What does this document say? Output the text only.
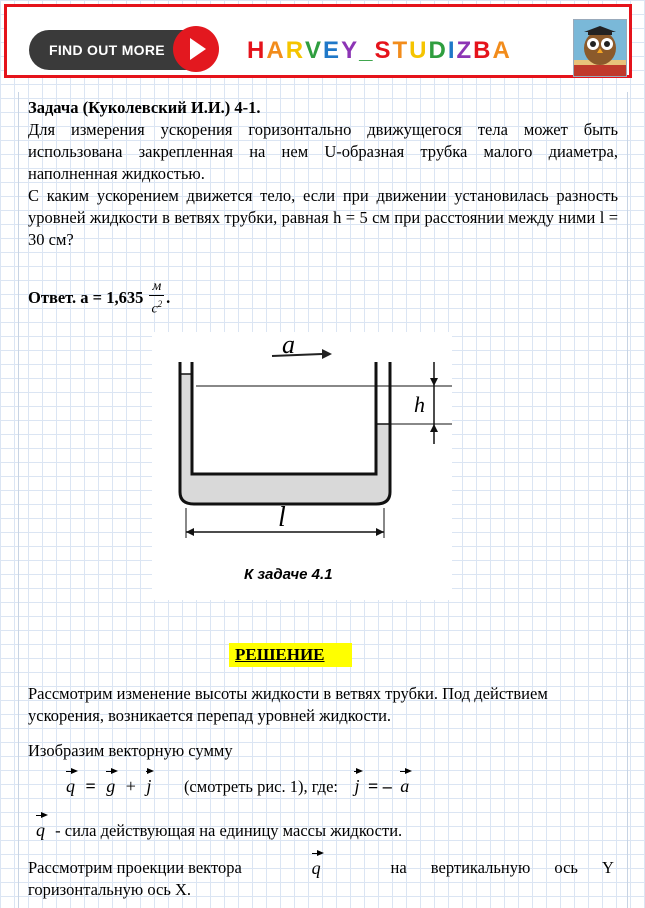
FIND OUT MORE	HARVEY_STUDIZBA
Задача (Куколевский И.И.) 4-1.
Для измерения ускорения горизонтально движущегося тела может быть использована закрепленная на нем U-образная трубка малого диаметра, наполненная жидкостью.
С каким ускорением движется тело, если при движении установилась разность уровней жидкости в ветвях трубки, равная h = 5 см при расстоянии между ними l = 30 см?
Ответ. a = 1,635
$\frac{м}{с^2}$ .
a
h
l
К задаче 4.1
РЕШЕНИЕ
Рассмотрим изменение высоты жидкости в ветвях трубки. Под действием ускорения, возникается перепад уровней жидкости.
Изобразим векторную сумму
q = g + j (смотреть рис. 1), где: j = – a
q - сила действующая на единицу массы жидкости.
Рассмотрим проекции вектора	q	на вертикальную ось Y
горизонтальную ось X.
